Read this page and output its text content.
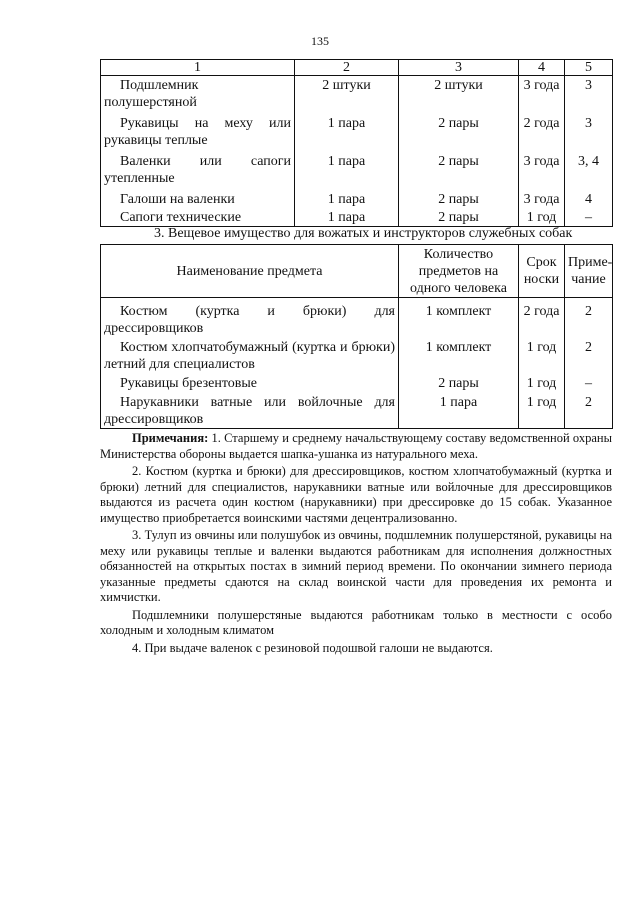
135
1	2	3	4	5
Подшлемник полушерстяной	2 штуки	2 штуки	3 года	3
Рукавицы на меху или рукавицы теплые	1 пара	2 пары	2 года	3
Валенки или сапоги утепленные	1 пара	2 пары	3 года	3, 4
Галоши на валенки	1 пара	2 пары	3 года	4
Сапоги технические	1 пара	2 пары	1 год	–
3. Вещевое имущество для вожатых и инструкторов служебных собак
Наименование предмета	Количество предметов на одного человека	Срок носки	Приме-чание
Костюм (куртка и брюки) для дрессировщиков	1 комплект	2 года	2
Костюм хлопчатобумажный (куртка и брюки) летний для специалистов	1 комплект	1 год	2
Рукавицы брезентовые	2 пары	1 год	–
Нарукавники ватные или войлочные для дрессировщиков	1 пара	1 год	2

Примечания: 1. Старшему и среднему начальствующему составу ведомственной охраны Министерства обороны выдается шапка-ушанка из натурального меха.

2. Костюм (куртка и брюки) для дрессировщиков, костюм хлопчатобумажный (куртка и брюки) летний для специалистов, нарукавники ватные или войлочные для дрессировщиков выдаются из расчета один костюм (нарукавники) при дрессировке до 15 собак. Указанное имущество приобретается воинскими частями децентрализованно.

3. Тулуп из овчины или полушубок из овчины, подшлемник полушерстяной, рукавицы на меху или рукавицы теплые и валенки выдаются работникам для исполнения должностных обязанностей на открытых постах в зимний период времени. По окончании зимнего периода указанные предметы сдаются на склад воинской части для проведения их ремонта и химчистки.

Подшлемники полушерстяные выдаются работникам только в местности с особо холодным и холодным климатом

4. При выдаче валенок с резиновой подошвой галоши не выдаются.
